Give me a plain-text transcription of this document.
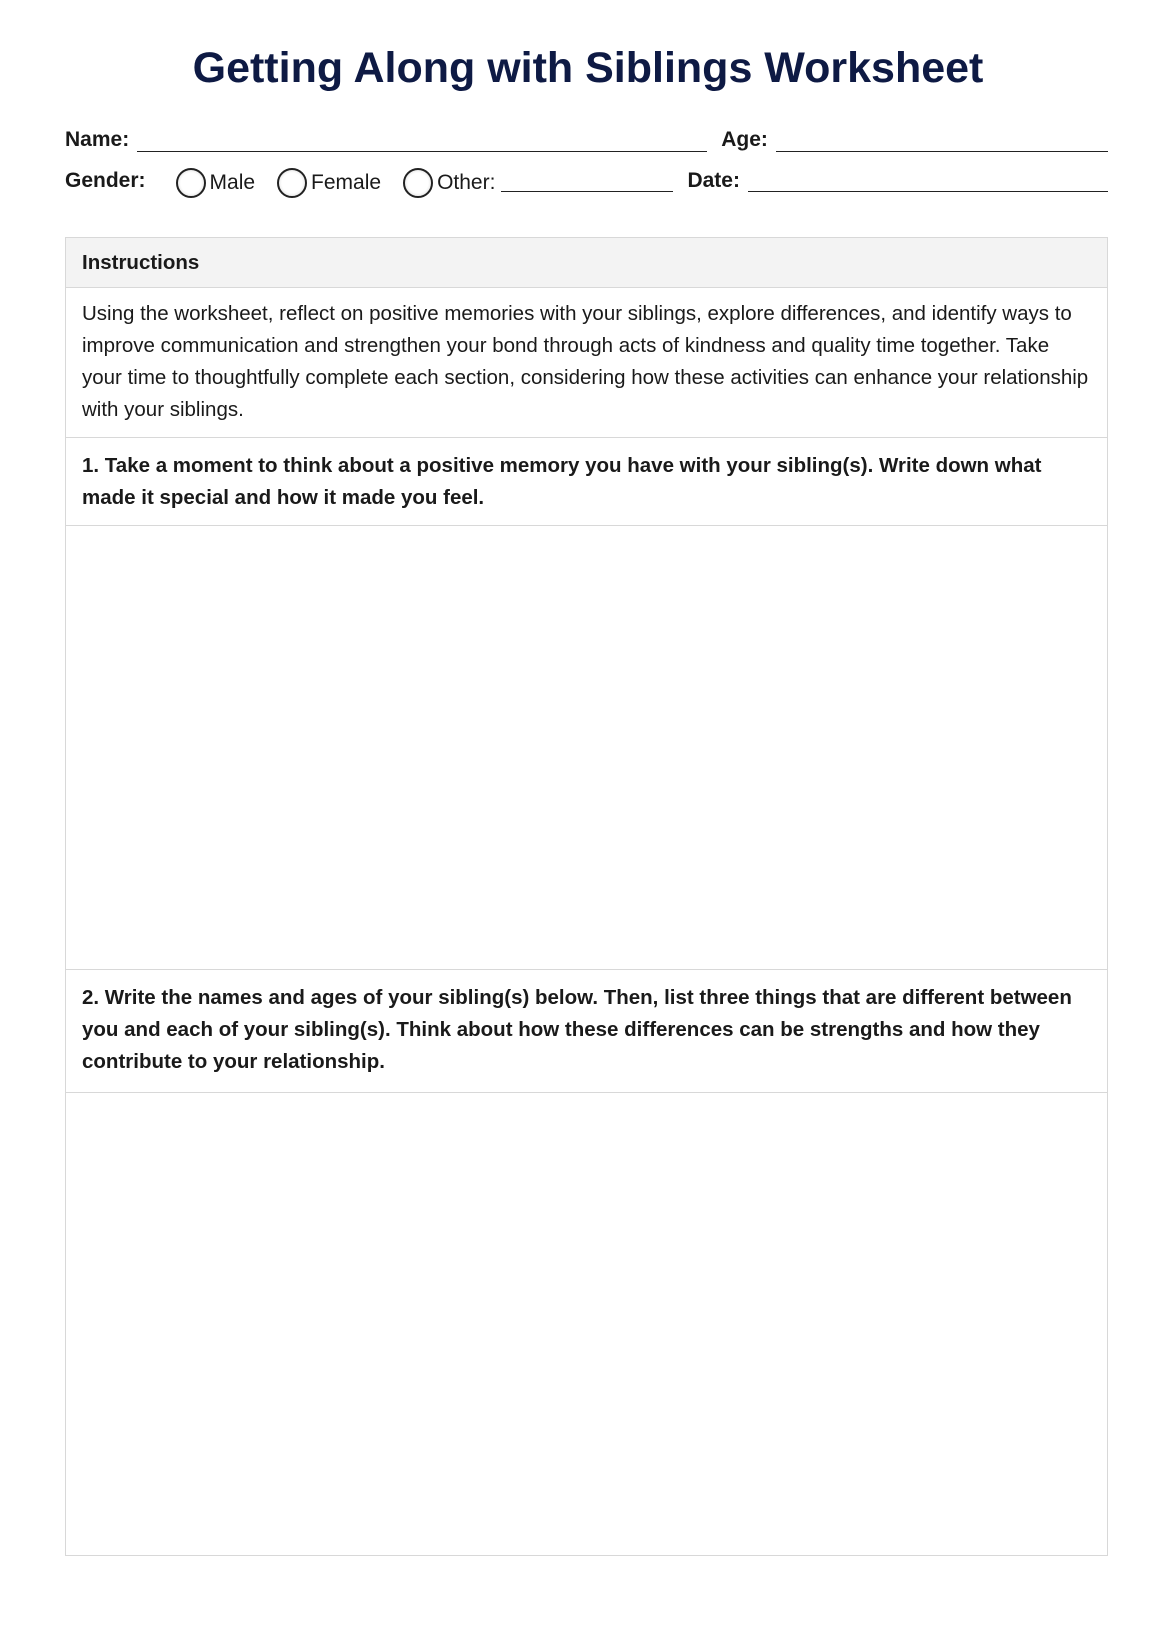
Getting Along with Siblings Worksheet
Name:	Age:
Gender:	Male	Female	Other:	Date:
Instructions
Using the worksheet, reflect on positive memories with your siblings, explore differences, and identify ways to improve communication and strengthen your bond through acts of kindness and quality time together. Take your time to thoughtfully complete each section, considering how these activities can enhance your relationship with your siblings.
1. Take a moment to think about a positive memory you have with your sibling(s). Write down what made it special and how it made you feel.
2. Write the names and ages of your sibling(s) below. Then, list three things that are different between you and each of your sibling(s). Think about how these differences can be strengths and how they contribute to your relationship.
